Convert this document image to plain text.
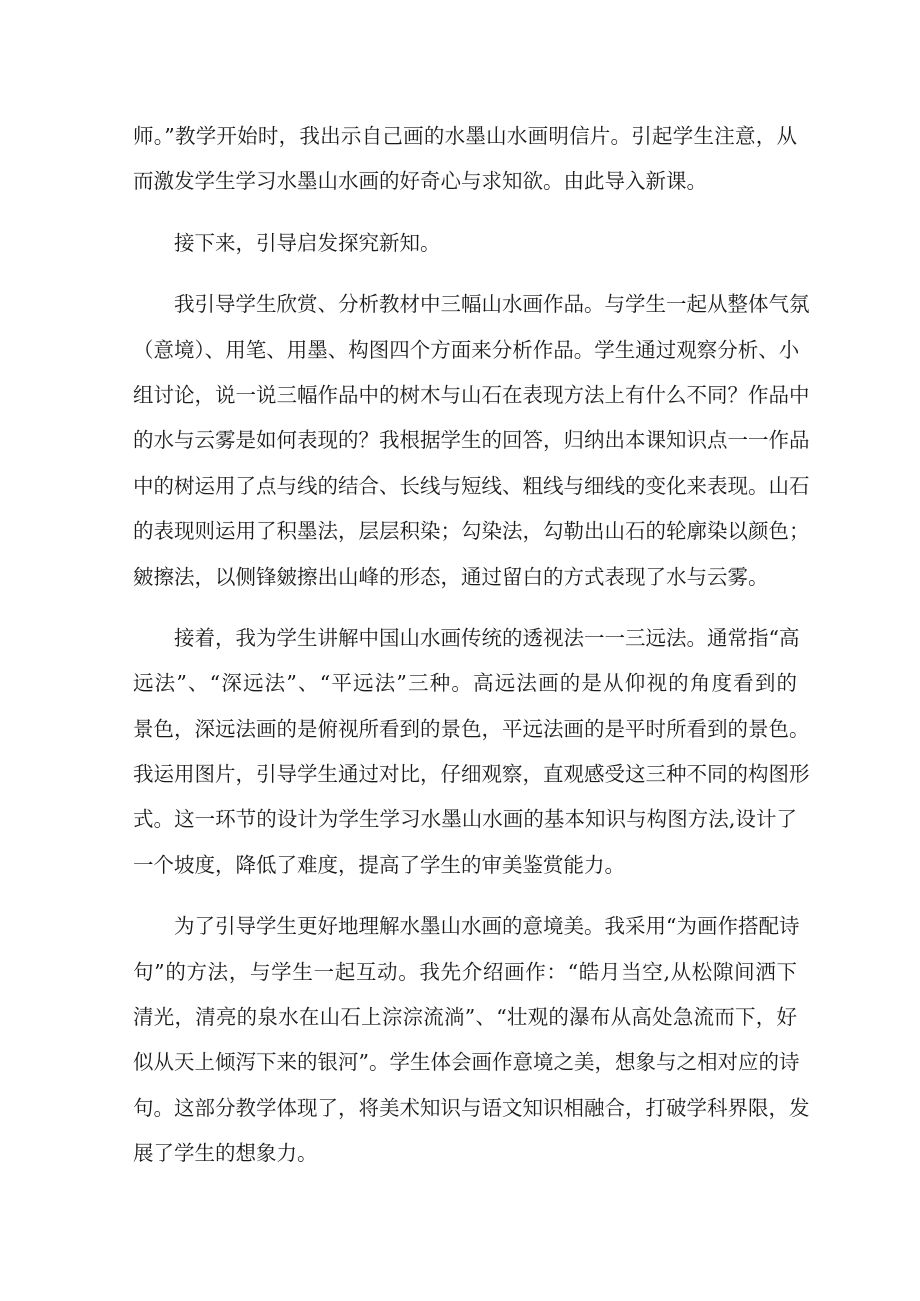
师。”教学开始时，我出示自己画的水墨山水画明信片。引起学生注意，从
而激发学生学习水墨山水画的好奇心与求知欲。由此导入新课。
接下来，引导启发探究新知。
我引导学生欣赏、分析教材中三幅山水画作品。与学生一起从整体气氛
（意境）、用笔、用墨、构图四个方面来分析作品。学生通过观察分析、小
组讨论，说一说三幅作品中的树木与山石在表现方法上有什么不同？作品中
的水与云雾是如何表现的？我根据学生的回答，归纳出本课知识点一一作品
中的树运用了点与线的结合、长线与短线、粗线与细线的变化来表现。山石
的表现则运用了积墨法，层层积染；勾染法，勾勒出山石的轮廓染以颜色；
皴擦法，以侧锋皴擦出山峰的形态，通过留白的方式表现了水与云雾。
接着，我为学生讲解中国山水画传统的透视法一一三远法。通常指“高
远法”、“深远法”、“平远法”三种。高远法画的是从仰视的角度看到的
景色，深远法画的是俯视所看到的景色，平远法画的是平时所看到的景色。
我运用图片，引导学生通过对比，仔细观察，直观感受这三种不同的构图形
式。这一环节的设计为学生学习水墨山水画的基本知识与构图方法,设计了
一个坡度，降低了难度，提高了学生的审美鉴赏能力。
为了引导学生更好地理解水墨山水画的意境美。我采用“为画作搭配诗
句”的方法，与学生一起互动。我先介绍画作：“皓月当空,从松隙间洒下
清光，清亮的泉水在山石上淙淙流淌”、“壮观的瀑布从高处急流而下，好
似从天上倾泻下来的银河”。学生体会画作意境之美，想象与之相对应的诗
句。这部分教学体现了，将美术知识与语文知识相融合，打破学科界限，发
展了学生的想象力。
